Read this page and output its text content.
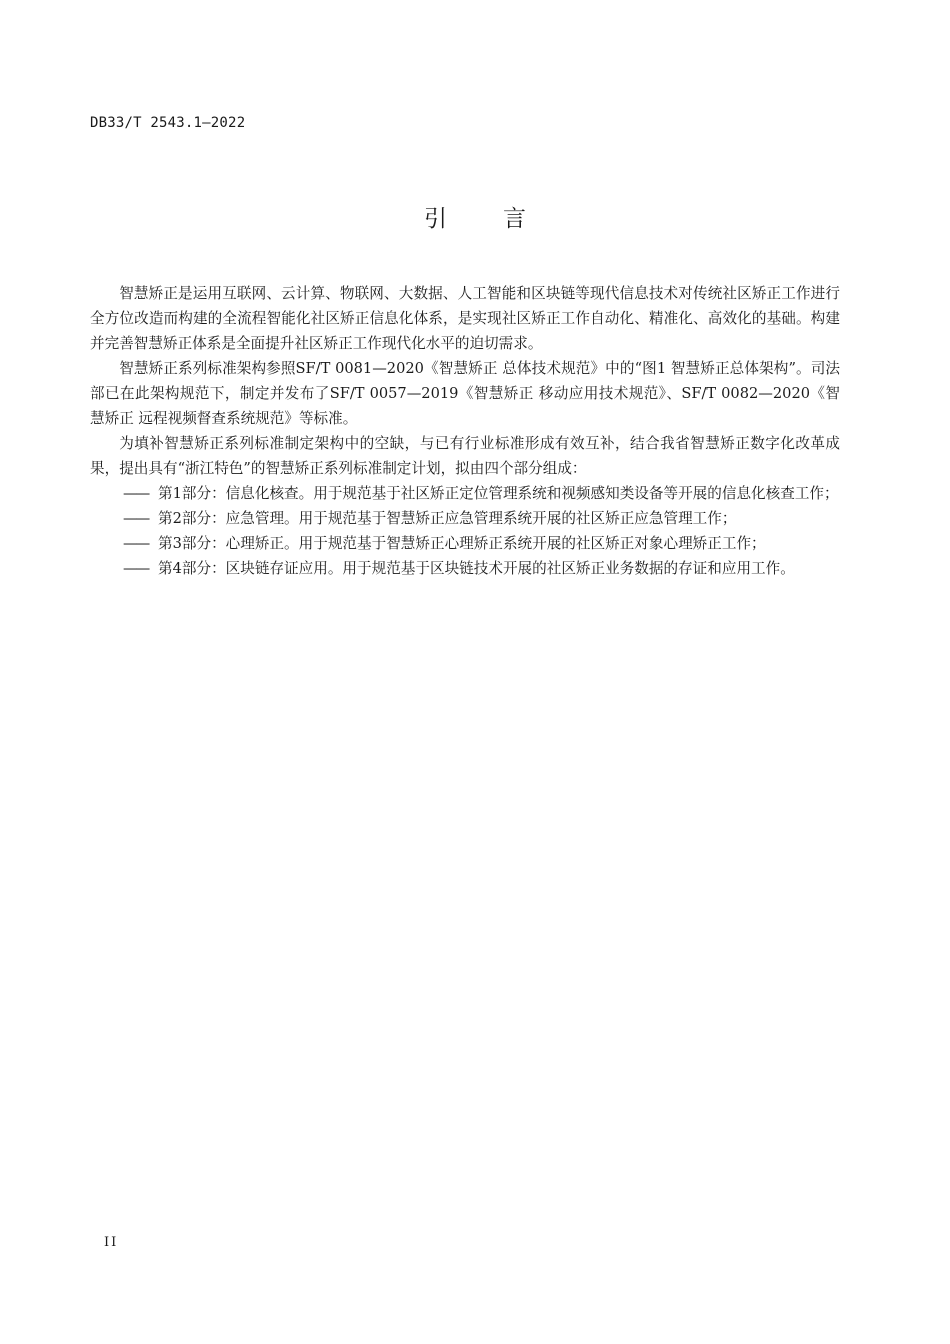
DB33/T 2543.1—2022
引言

智慧矫正是运用互联网、云计算、物联网、大数据、人工智能和区块链等现代信息技术对传统社区矫正工作进行全方位改造而构建的全流程智能化社区矫正信息化体系，是实现社区矫正工作自动化、精准化、高效化的基础。构建并完善智慧矫正体系是全面提升社区矫正工作现代化水平的迫切需求。

智慧矫正系列标准架构参照SF/T 0081—2020《智慧矫正 总体技术规范》中的“图1 智慧矫正总体架构”。司法部已在此架构规范下，制定并发布了SF/T 0057—2019《智慧矫正 移动应用技术规范》、SF/T 0082—2020《智慧矫正 远程视频督查系统规范》等标准。

为填补智慧矫正系列标准制定架构中的空缺，与已有行业标准形成有效互补，结合我省智慧矫正数字化改革成果，提出具有“浙江特色”的智慧矫正系列标准制定计划，拟由四个部分组成：

—— 第1部分：信息化核查。用于规范基于社区矫正定位管理系统和视频感知类设备等开展的信息化核查工作；

—— 第2部分：应急管理。用于规范基于智慧矫正应急管理系统开展的社区矫正应急管理工作；

—— 第3部分：心理矫正。用于规范基于智慧矫正心理矫正系统开展的社区矫正对象心理矫正工作；

—— 第4部分：区块链存证应用。用于规范基于区块链技术开展的社区矫正业务数据的存证和应用工作。

II
